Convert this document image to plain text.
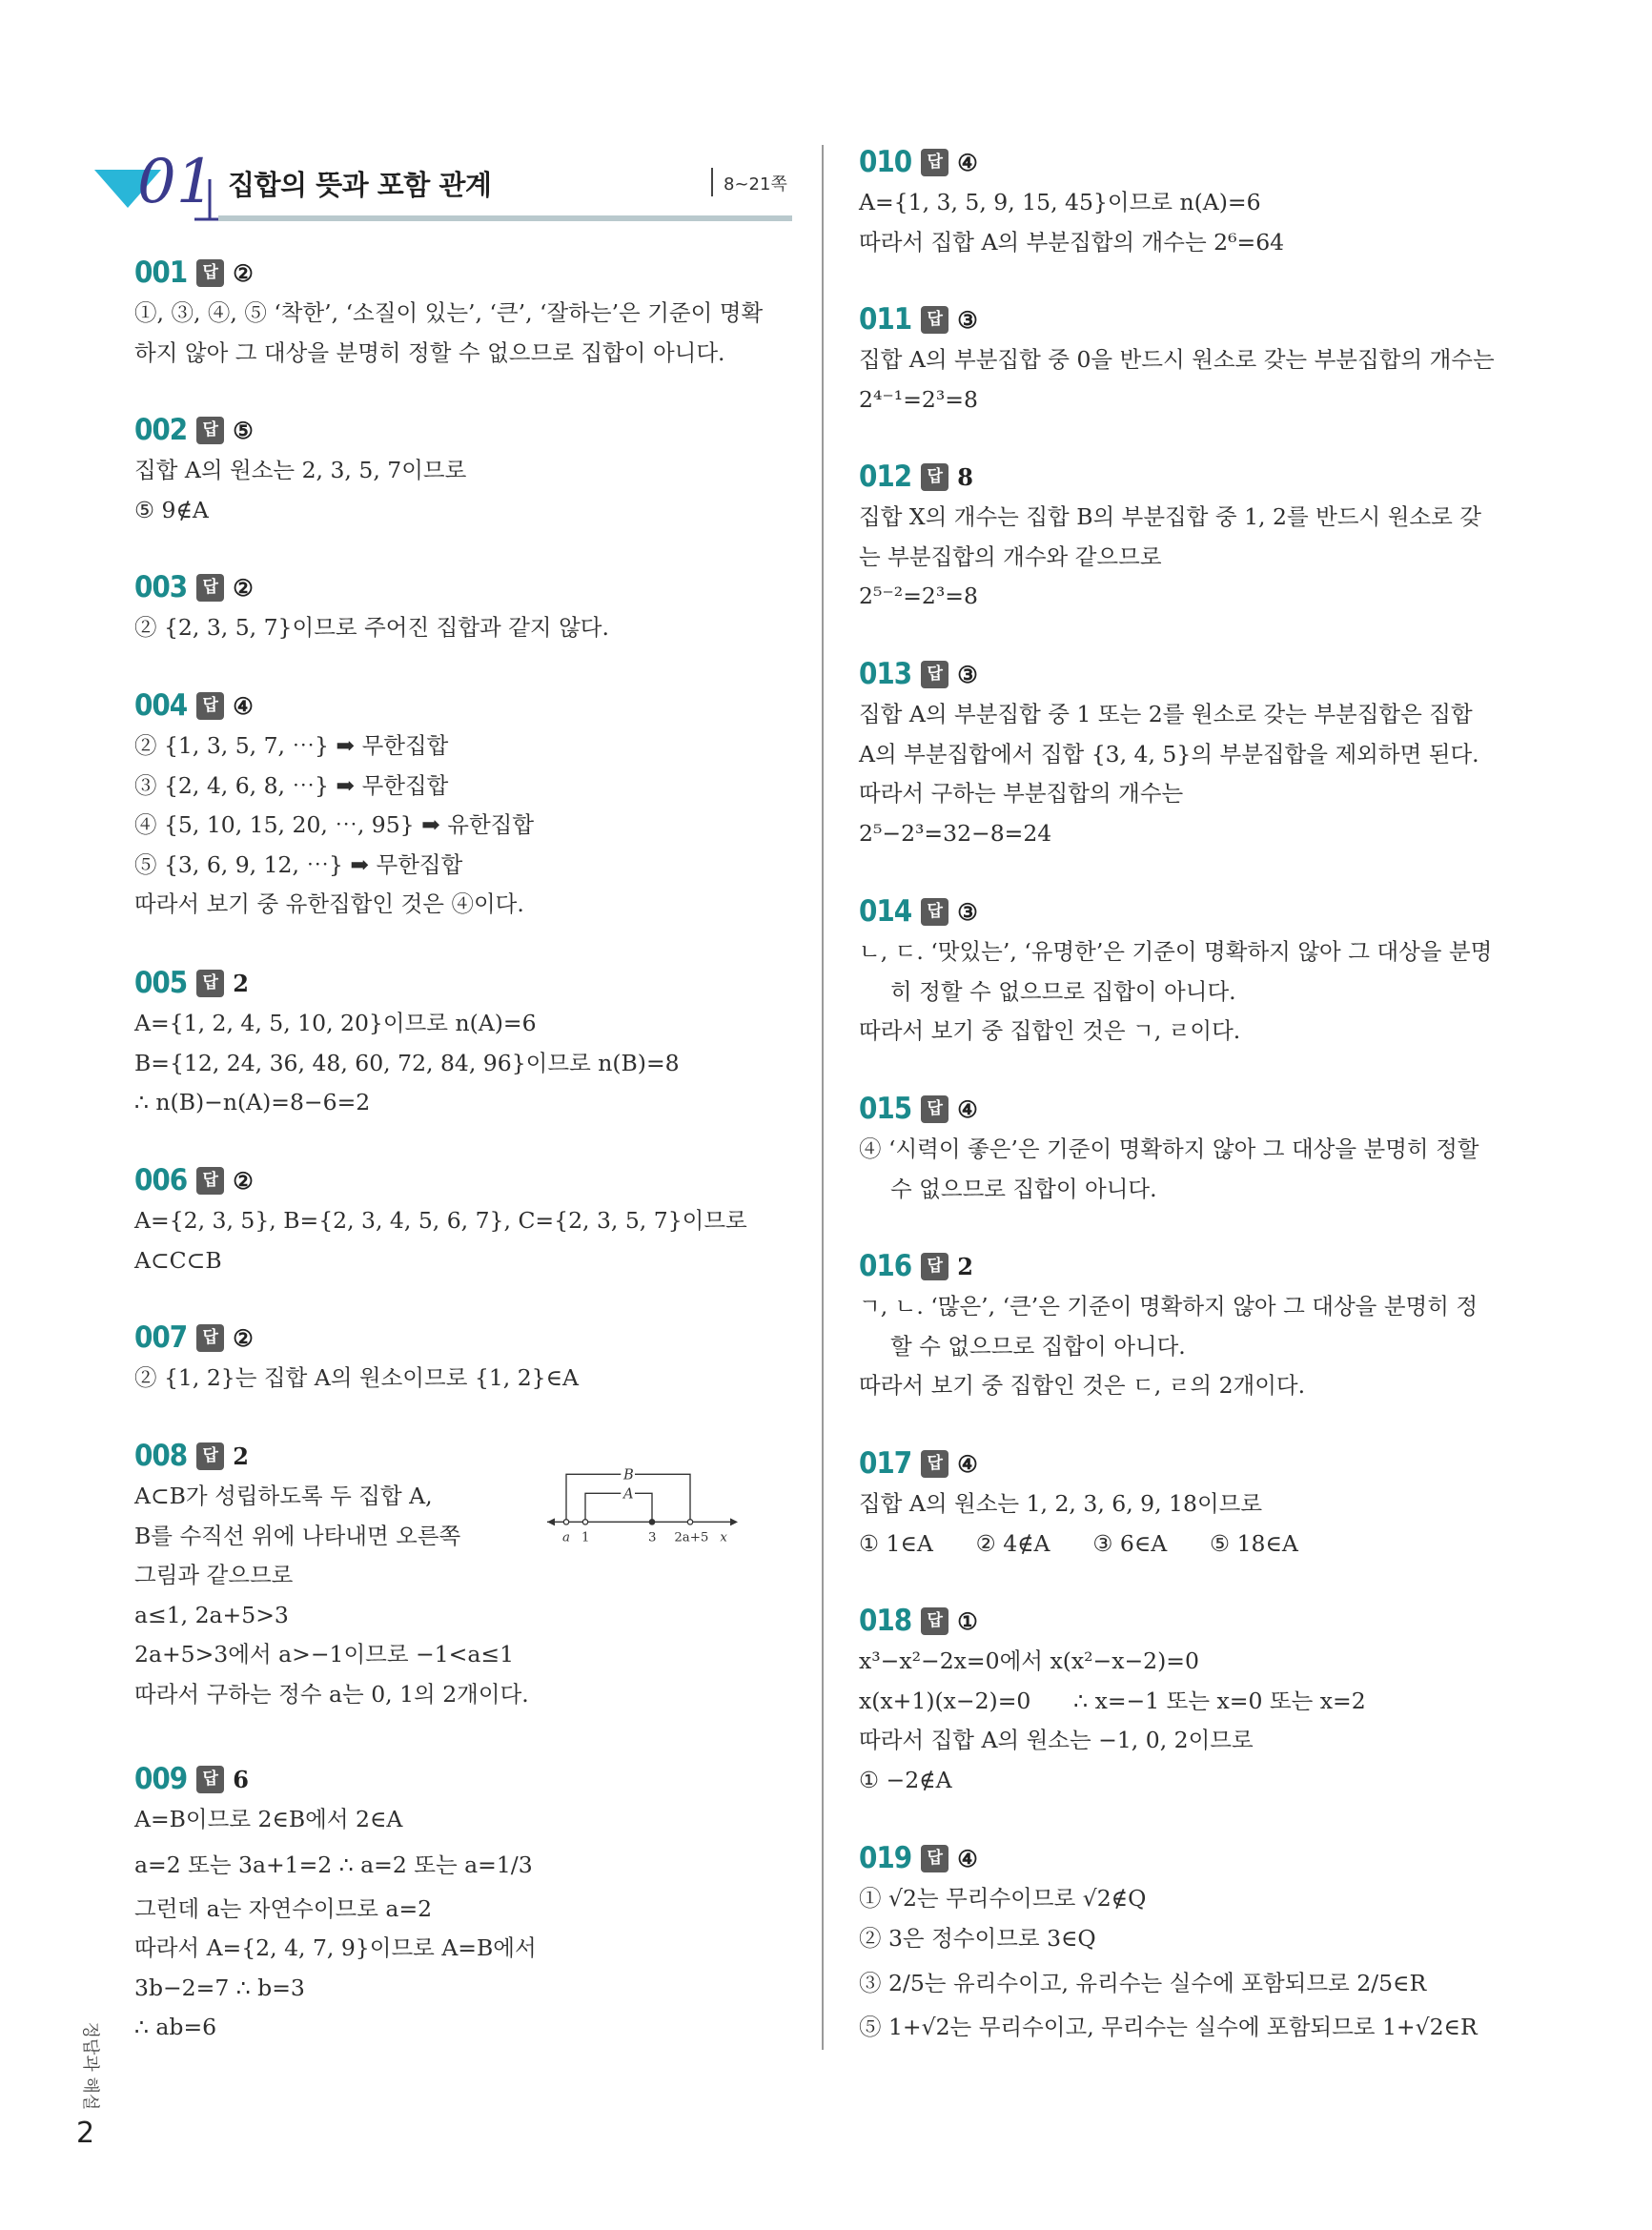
01 집합의 뜻과 포함 관계	8~21쪽
001 답 ②
①, ③, ④, ⑤ ‘착한’, ‘소질이 있는’, ‘큰’, ‘잘하는’은 기준이 명확
하지 않아 그 대상을 분명히 정할 수 없으므로 집합이 아니다.
002 답 ⑤
집합 A의 원소는 2, 3, 5, 7이므로
⑤ 9∉A
003 답 ②
② {2, 3, 5, 7}이므로 주어진 집합과 같지 않다.
004 답 ④
② {1, 3, 5, 7, ⋯} ➡ 무한집합
③ {2, 4, 6, 8, ⋯} ➡ 무한집합
④ {5, 10, 15, 20, ⋯, 95} ➡ 유한집합
⑤ {3, 6, 9, 12, ⋯} ➡ 무한집합
따라서 보기 중 유한집합인 것은 ④이다.
005 답 2
A={1, 2, 4, 5, 10, 20}이므로 n(A)=6
B={12, 24, 36, 48, 60, 72, 84, 96}이므로 n(B)=8
∴ n(B)−n(A)=8−6=2
006 답 ②
A={2, 3, 5}, B={2, 3, 4, 5, 6, 7}, C={2, 3, 5, 7}이므로
A⊂C⊂B
007 답 ②
② {1, 2}는 집합 A의 원소이므로 {1, 2}∈A
008 답 2
A⊂B가 성립하도록 두 집합 A,
B를 수직선 위에 나타내면 오른쪽
그림과 같으므로
a≤1, 2a+5>3
2a+5>3에서 a>−1이므로 −1<a≤1
따라서 구하는 정수 a는 0, 1의 2개이다.
B
A
a 1	3 2a+5 x
009 답 6
A=B이므로 2∈B에서 2∈A
a=2 또는 3a+1=2 ∴ a=2 또는 a=1/3
그런데 a는 자연수이므로 a=2
따라서 A={2, 4, 7, 9}이므로 A=B에서
3b−2=7 ∴ b=3
∴ ab=6
010 답 ④
A={1, 3, 5, 9, 15, 45}이므로 n(A)=6
따라서 집합 A의 부분집합의 개수는 2⁶=64
011 답 ③
집합 A의 부분집합 중 0을 반드시 원소로 갖는 부분집합의 개수는
2⁴⁻¹=2³=8
012 답 8
집합 X의 개수는 집합 B의 부분집합 중 1, 2를 반드시 원소로 갖
는 부분집합의 개수와 같으므로
2⁵⁻²=2³=8
013 답 ③
집합 A의 부분집합 중 1 또는 2를 원소로 갖는 부분집합은 집합
A의 부분집합에서 집합 {3, 4, 5}의 부분집합을 제외하면 된다.
따라서 구하는 부분집합의 개수는
2⁵−2³=32−8=24
014 답 ③
ㄴ, ㄷ. ‘맛있는’, ‘유명한’은 기준이 명확하지 않아 그 대상을 분명
히 정할 수 없으므로 집합이 아니다.
따라서 보기 중 집합인 것은 ㄱ, ㄹ이다.
015 답 ④
④ ‘시력이 좋은’은 기준이 명확하지 않아 그 대상을 분명히 정할
수 없으므로 집합이 아니다.
016 답 2
ㄱ, ㄴ. ‘많은’, ‘큰’은 기준이 명확하지 않아 그 대상을 분명히 정
할 수 없으므로 집합이 아니다.
따라서 보기 중 집합인 것은 ㄷ, ㄹ의 2개이다.
017 답 ④
집합 A의 원소는 1, 2, 3, 6, 9, 18이므로
① 1∈A      ② 4∉A      ③ 6∈A      ⑤ 18∈A
018 답 ①
x³−x²−2x=0에서 x(x²−x−2)=0
x(x+1)(x−2)=0      ∴ x=−1 또는 x=0 또는 x=2
따라서 집합 A의 원소는 −1, 0, 2이므로
① −2∉A
019 답 ④
① √2는 무리수이므로 √2∉Q
② 3은 정수이므로 3∈Q
③ 2/5는 유리수이고, 유리수는 실수에 포함되므로 2/5∈R
⑤ 1+√2는 무리수이고, 무리수는 실수에 포함되므로 1+√2∈R
정답과 해설
2
